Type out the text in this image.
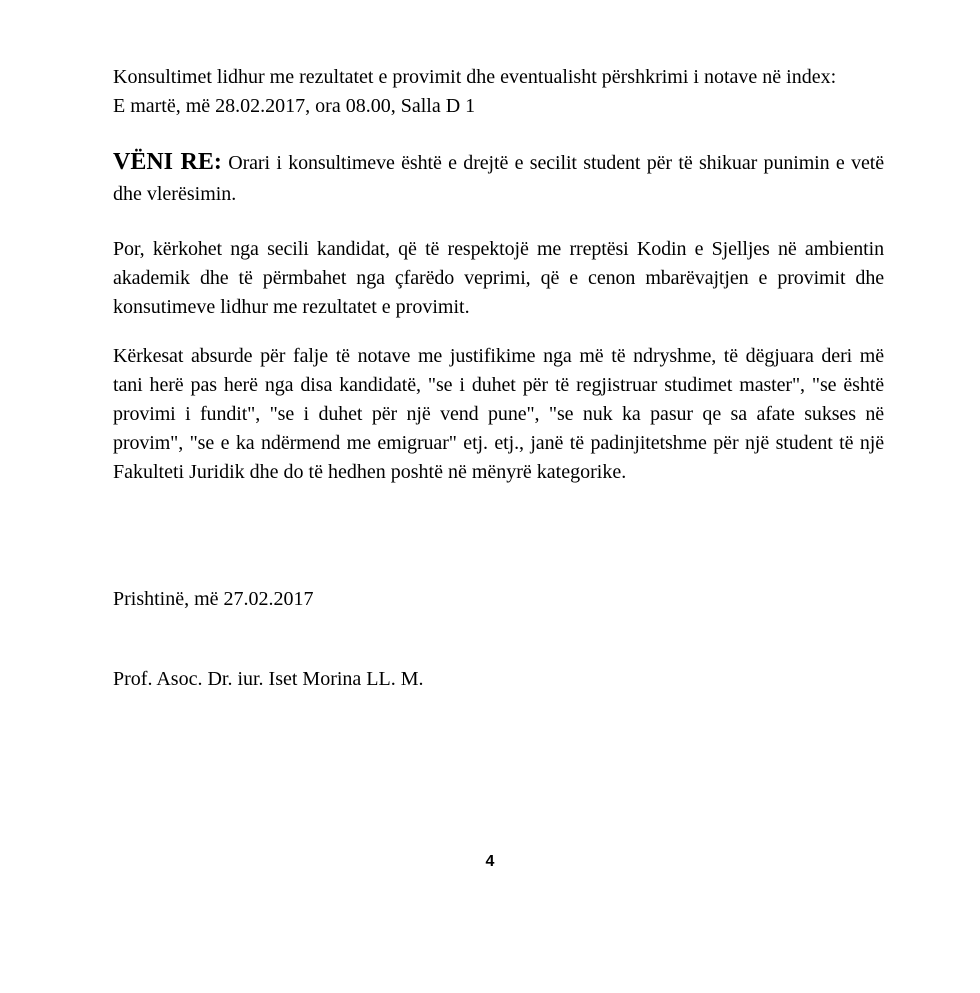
Konsultimet lidhur me rezultatet e provimit dhe eventualisht përshkrimi i notave në index:
E martë, më 28.02.2017, ora 08.00, Salla D 1
VËNI RE: Orari i konsultimeve është e drejtë e secilit student për të shikuar punimin e vetë
dhe vlerësimin.
Por, kërkohet nga secili kandidat, që të respektojë me rreptësi Kodin e Sjelljes në ambientin
akademik dhe të përmbahet nga çfarëdo veprimi, që e cenon mbarëvajtjen e provimit dhe
konsutimeve lidhur me rezultatet e provimit.
Kërkesat absurde për falje të notave me justifikime nga më të ndryshme, të dëgjuara deri më
tani herë pas herë nga disa kandidatë, "se i duhet për të regjistruar studimet master", "se është
provimi i fundit", "se i duhet për një vend pune", "se nuk ka pasur qe sa afate sukses në
provim", "se e ka ndërmend me emigruar" etj. etj., janë të padinjitetshme për një student të një
Fakulteti Juridik dhe do të hedhen poshtë në mënyrë kategorike.
Prishtinë, më 27.02.2017
Prof. Asoc. Dr. iur. Iset Morina LL. M.
4
